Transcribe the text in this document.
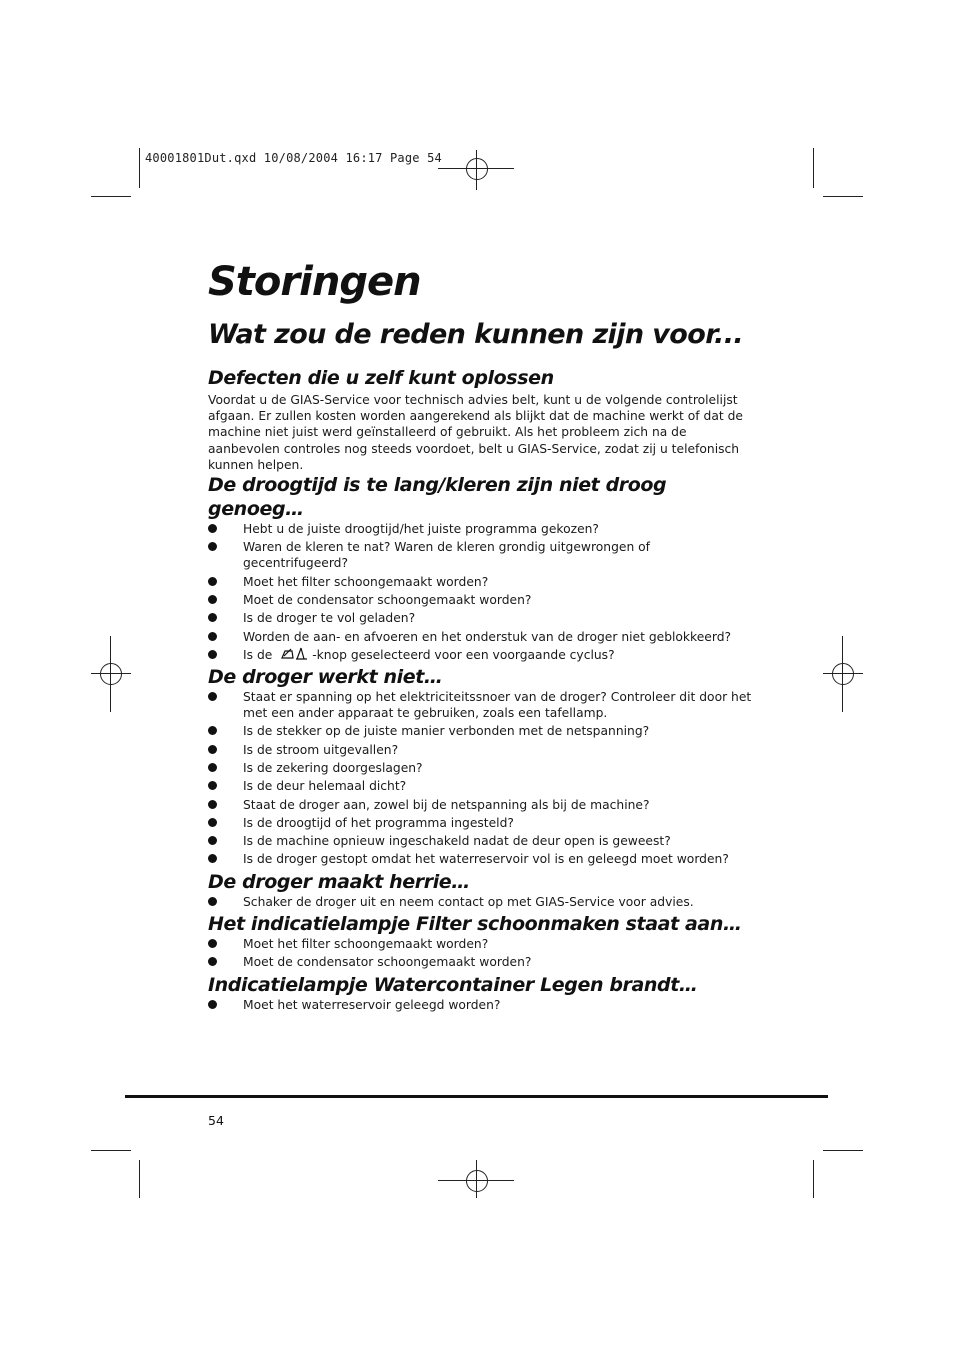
40001801Dut.qxd 10/08/2004 16:17 Page 54
Storingen
Wat zou de reden kunnen zijn voor...
Defecten die u zelf kunt oplossen

Voordat u de GIAS-Service voor technisch advies belt, kunt u de volgende controlelijst afgaan. Er zullen kosten worden aangerekend als blijkt dat de machine werkt of dat de machine niet juist werd geïnstalleerd of gebruikt. Als het probleem zich na de aanbevolen controles nog steeds voordoet, belt u GIAS-Service, zodat zij u telefonisch kunnen helpen.

De droogtijd is te lang/kleren zijn niet droog genoeg…
Hebt u de juiste droogtijd/het juiste programma gekozen?
Waren de kleren te nat? Waren de kleren grondig uitgewrongen of gecentrifugeerd?
Moet het filter schoongemaakt worden?
Moet de condensator schoongemaakt worden?
Is de droger te vol geladen?
Worden de aan- en afvoeren en het onderstuk van de droger niet geblokkeerd?
Is de	-knop geselecteerd voor een voorgaande cyclus?
De droger werkt niet…
Staat er spanning op het elektriciteitssnoer van de droger? Controleer dit door het met een ander apparaat te gebruiken, zoals een tafellamp.
Is de stekker op de juiste manier verbonden met de netspanning?
Is de stroom uitgevallen?
Is de zekering doorgeslagen?
Is de deur helemaal dicht?
Staat de droger aan, zowel bij de netspanning als bij de machine?
Is de droogtijd of het programma ingesteld?
Is de machine opnieuw ingeschakeld nadat de deur open is geweest?
Is de droger gestopt omdat het waterreservoir vol is en geleegd moet worden?
De droger maakt herrie…
Schaker de droger uit en neem contact op met GIAS-Service voor advies.
Het indicatielampje Filter schoonmaken staat aan…
Moet het filter schoongemaakt worden?
Moet de condensator schoongemaakt worden?
Indicatielampje Watercontainer Legen brandt…
Moet het waterreservoir geleegd worden?
54
